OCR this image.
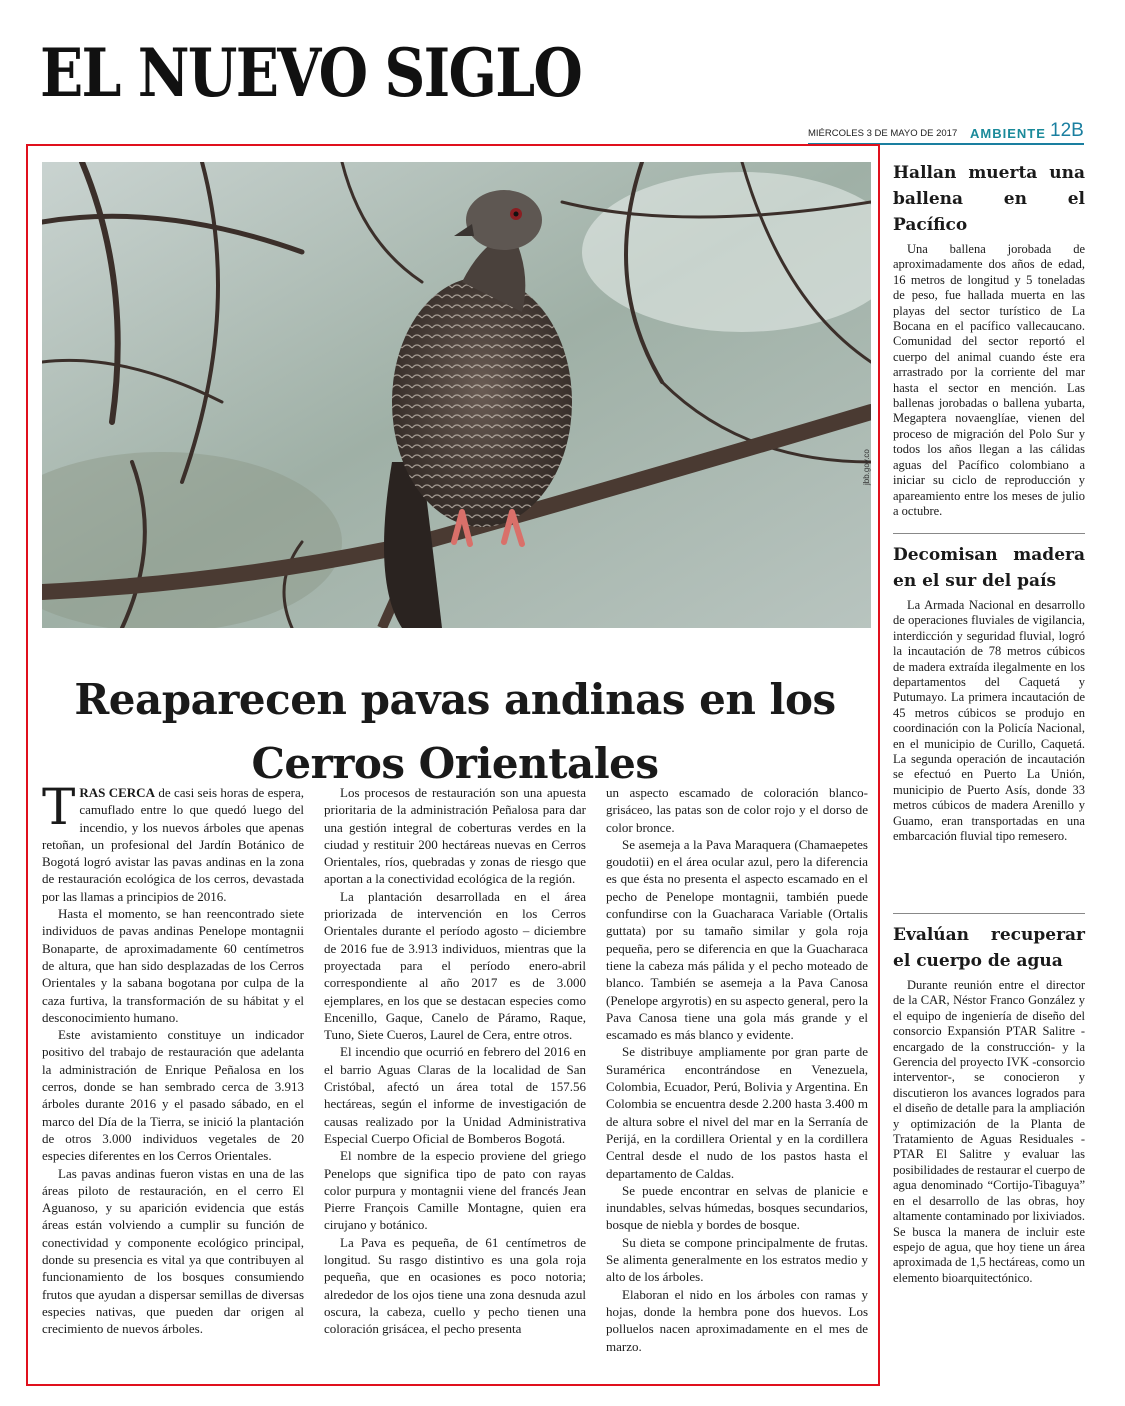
EL NUEVO SIGLO
MIÉRCOLES 3 DE MAYO DE 2017 AMBIENTE 12B
jbb.gov.co
Reaparecen pavas andinas en los Cerros Orientales

TRAS CERCA de casi seis horas de espera, camuflado entre lo que quedó luego del incendio, y los nuevos árboles que apenas retoñan, un profesional del Jardín Botánico de Bogotá logró avistar las pavas andinas en la zona de restauración ecológica de los cerros, devastada por las llamas a principios de 2016.

Hasta el momento, se han reencontrado siete individuos de pavas andinas Penelope montagnii Bonaparte, de aproximadamente 60 centímetros de altura, que han sido desplazadas de los Cerros Orientales y la sabana bogotana por culpa de la caza furtiva, la transformación de su hábitat y el desconocimiento humano.

Este avistamiento constituye un indicador positivo del trabajo de restauración que adelanta la administración de Enrique Peñalosa en los cerros, donde se han sembrado cerca de 3.913 árboles durante 2016 y el pasado sábado, en el marco del Día de la Tierra, se inició la plantación de otros 3.000 individuos vegetales de 20 especies diferentes en los Cerros Orientales.

Las pavas andinas fueron vistas en una de las áreas piloto de restauración, en el cerro El Aguanoso, y su aparición evidencia que estás áreas están volviendo a cumplir su función de conectividad y componente ecológico principal, donde su presencia es vital ya que contribuyen al funcionamiento de los bosques consumiendo frutos que ayudan a dispersar semillas de diversas especies nativas, que pueden dar origen al crecimiento de nuevos árboles.

Los procesos de restauración son una apuesta prioritaria de la administración Peñalosa para dar una gestión integral de coberturas verdes en la ciudad y restituir 200 hectáreas nuevas en Cerros Orientales, ríos, quebradas y zonas de riesgo que aportan a la conectividad ecológica de la región.

La plantación desarrollada en el área priorizada de intervención en los Cerros Orientales durante el período agosto – diciembre de 2016 fue de 3.913 individuos, mientras que la proyectada para el período enero-abril correspondiente al año 2017 es de 3.000 ejemplares, en los que se destacan especies como Encenillo, Gaque, Canelo de Páramo, Raque, Tuno, Siete Cueros, Laurel de Cera, entre otros.

El incendio que ocurrió en febrero del 2016 en el barrio Aguas Claras de la localidad de San Cristóbal, afectó un área total de 157.56 hectáreas, según el informe de investigación de causas realizado por la Unidad Administrativa Especial Cuerpo Oficial de Bomberos Bogotá.

El nombre de la especio proviene del griego Penelops que significa tipo de pato con rayas color purpura y montagnii viene del francés Jean Pierre François Camille Montagne, quien era cirujano y botánico.

La Pava es pequeña, de 61 centímetros de longitud. Su rasgo distintivo es una gola roja pequeña, que en ocasiones es poco notoria; alrededor de los ojos tiene una zona desnuda azul oscura, la cabeza, cuello y pecho tienen una coloración grisácea, el pecho presenta

un aspecto escamado de coloración blanco-grisáceo, las patas son de color rojo y el dorso de color bronce.

Se asemeja a la Pava Maraquera (Chamaepetes goudotii) en el área ocular azul, pero la diferencia es que ésta no presenta el aspecto escamado en el pecho de Penelope montagnii, también puede confundirse con la Guacharaca Variable (Ortalis guttata) por su tamaño similar y gola roja pequeña, pero se diferencia en que la Guacharaca tiene la cabeza más pálida y el pecho moteado de blanco. También se asemeja a la Pava Canosa (Penelope argyrotis) en su aspecto general, pero la Pava Canosa tiene una gola más grande y el escamado es más blanco y evidente.

Se distribuye ampliamente por gran parte de Suramérica encontrándose en Venezuela, Colombia, Ecuador, Perú, Bolivia y Argentina. En Colombia se encuentra desde 2.200 hasta 3.400 m de altura sobre el nivel del mar en la Serranía de Perijá, en la cordillera Oriental y en la cordillera Central desde el nudo de los pastos hasta el departamento de Caldas.

Se puede encontrar en selvas de planicie e inundables, selvas húmedas, bosques secundarios, bosque de niebla y bordes de bosque.

Su dieta se compone principalmente de frutas. Se alimenta generalmente en los estratos medio y alto de los árboles.

Elaboran el nido en los árboles con ramas y hojas, donde la hembra pone dos huevos. Los polluelos nacen aproximadamente en el mes de marzo.

Hallan muerta una ballena en el Pacífico

Una ballena jorobada de aproximadamente dos años de edad, 16 metros de longitud y 5 toneladas de peso, fue hallada muerta en las playas del sector turístico de La Bocana en el pacífico vallecaucano. Comunidad del sector reportó el cuerpo del animal cuando éste era arrastrado por la corriente del mar hasta el sector en mención. Las ballenas jorobadas o ballena yubarta, Megaptera novaenglíae, vienen del proceso de migración del Polo Sur y todos los años llegan a las cálidas aguas del Pacífico colombiano a iniciar su ciclo de reproducción y apareamiento entre los meses de julio a octubre.

Decomisan madera en el sur del país

La Armada Nacional en desarrollo de operaciones fluviales de vigilancia, interdicción y seguridad fluvial, logró la incautación de 78 metros cúbicos de madera extraída ilegalmente en los departamentos del Caquetá y Putumayo. La primera incautación de 45 metros cúbicos se produjo en coordinación con la Policía Nacional, en el municipio de Curillo, Caquetá. La segunda operación de incautación se efectuó en Puerto La Unión, municipio de Puerto Asís, donde 33 metros cúbicos de madera Arenillo y Guamo, eran transportadas en una embarcación fluvial tipo remesero.

Evalúan recuperar el cuerpo de agua

Durante reunión entre el director de la CAR, Néstor Franco González y el equipo de ingeniería de diseño del consorcio Expansión PTAR Salitre -encargado de la construcción- y la Gerencia del proyecto IVK -consorcio interventor-, se conocieron y discutieron los avances logrados para el diseño de detalle para la ampliación y optimización de la Planta de Tratamiento de Aguas Residuales - PTAR El Salitre y evaluar las posibilidades de restaurar el cuerpo de agua denominado “Cortijo-Tibaguya” en el desarrollo de las obras, hoy altamente contaminado por lixiviados. Se busca la manera de incluir este espejo de agua, que hoy tiene un área aproximada de 1,5 hectáreas, como un elemento bioarquitectónico.
